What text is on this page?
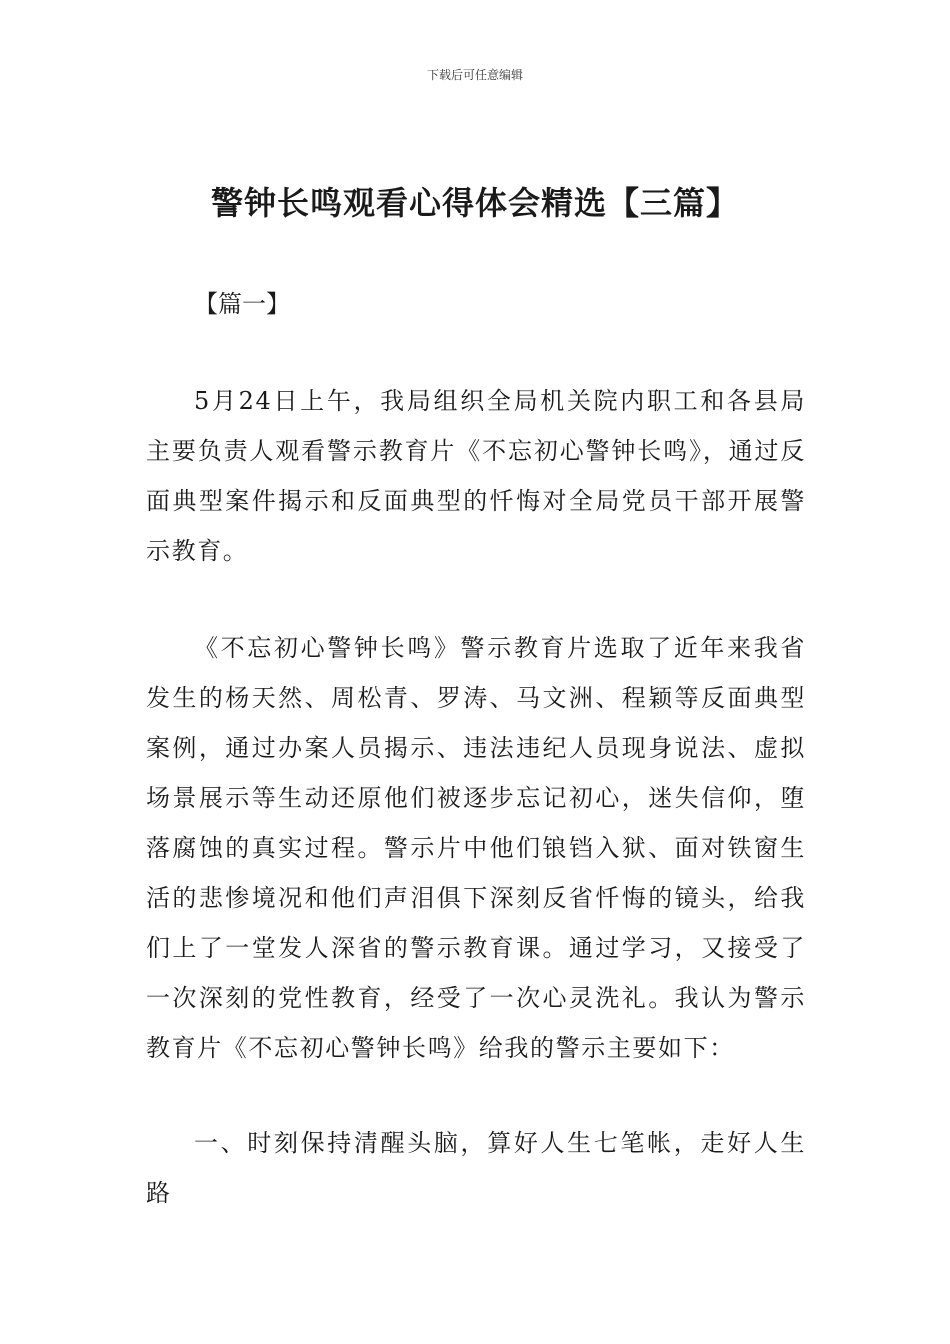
下载后可任意编辑
警钟长鸣观看心得体会精选【三篇】
【篇一】

5月24日上午，我局组织全局机关院内职工和各县局主要负责人观看警示教育片《不忘初心警钟长鸣》，通过反面典型案件揭示和反面典型的忏悔对全局党员干部开展警示教育。

《不忘初心警钟长鸣》警示教育片选取了近年来我省发生的杨天然、周松青、罗涛、马文洲、程颖等反面典型案例，通过办案人员揭示、违法违纪人员现身说法、虚拟场景展示等生动还原他们被逐步忘记初心，迷失信仰，堕落腐蚀的真实过程。警示片中他们锒铛入狱、面对铁窗生活的悲惨境况和他们声泪俱下深刻反省忏悔的镜头，给我们上了一堂发人深省的警示教育课。通过学习，又接受了一次深刻的党性教育，经受了一次心灵洗礼。我认为警示教育片《不忘初心警钟长鸣》给我的警示主要如下：

一、时刻保持清醒头脑，算好人生七笔帐，走好人生路
